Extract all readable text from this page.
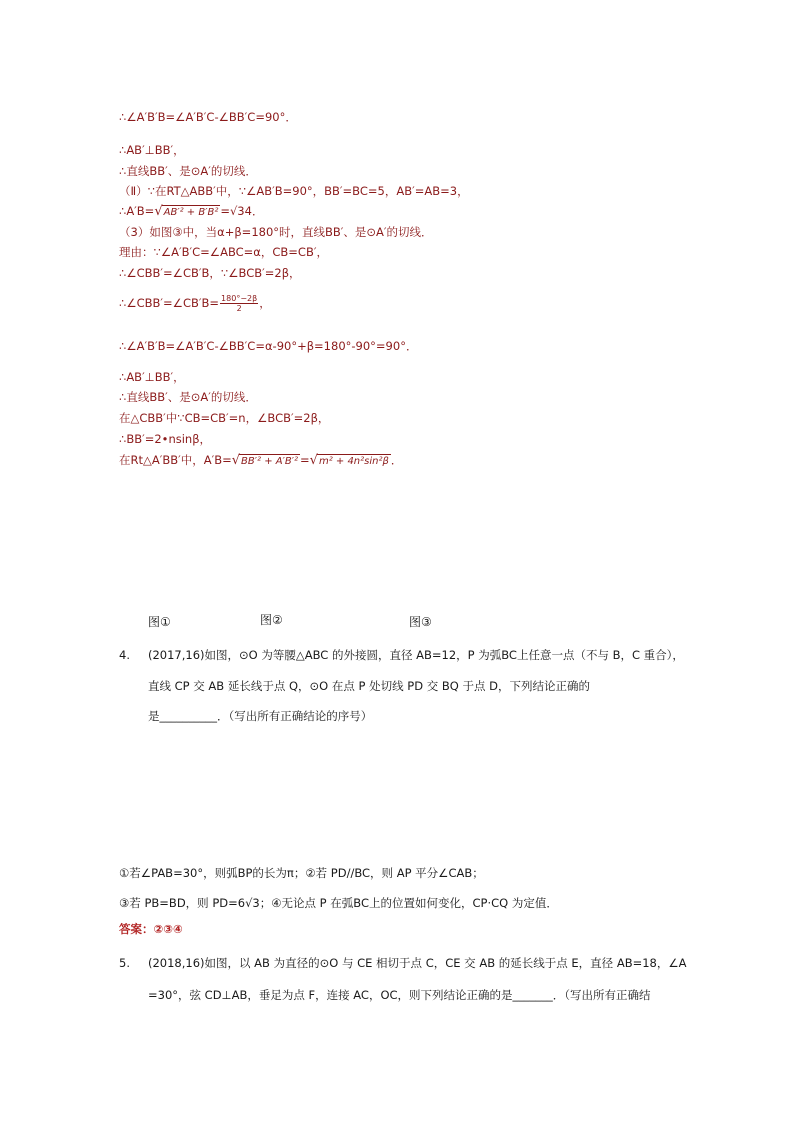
∴∠A′B′B=∠A′B′C-∠BB′C=90°．
∴AB′⊥BB′，
∴直线BB′、是⊙A′的切线．
（Ⅱ）∵在RT△ABB′中，∵∠AB′B=90°，BB′=BC=5，AB′=AB=3，
∴A′B=√AB′² + B′B² =√34．
（3）如图③中，当α+β=180°时，直线BB′、是⊙A′的切线．
理由：∵∠A′B′C=∠ABC=α，CB=CB′，
∴∠CBB′=∠CB′B，∵∠BCB′=2β，
∴∠CBB′=∠CB′B= $\frac{180^\circ-2\beta}{2}$ ，
∴∠A′B′B=∠A′B′C-∠BB′C=α-90°+β=180°-90°=90°．
∴AB′⊥BB′，
∴直线BB′、是⊙A′的切线．
在△CBB′中∵CB=CB′=n，∠BCB′=2β，
∴BB′=2•nsinβ，
在Rt△A′BB′中，A′B=√BB′² + A′B′² =√m² + 4n²sin²β ．
图①	图②	图③
4. (2017,16)如图，⊙O 为等腰△ABC 的外接圆，直径 AB=12，P 为弧BC上任意一点（不与 B，C 重合），
直线 CP 交 AB 延长线于点 Q，⊙O 在点 P 处切线 PD 交 BQ 于点 D，下列结论正确的
是__________．（写出所有正确结论的序号）
①若∠PAB=30°，则弧BP的长为π；②若 PD//BC，则 AP 平分∠CAB；
③若 PB=BD，则 PD=6√3；④无论点 P 在弧BC上的位置如何变化，CP·CQ 为定值．
答案：②③④
5. (2018,16)如图，以 AB 为直径的⊙O 与 CE 相切于点 C，CE 交 AB 的延长线于点 E，直径 AB=18，∠A
=30°，弦 CD⊥AB，垂足为点 F，连接 AC，OC，则下列结论正确的是_______．（写出所有正确结
